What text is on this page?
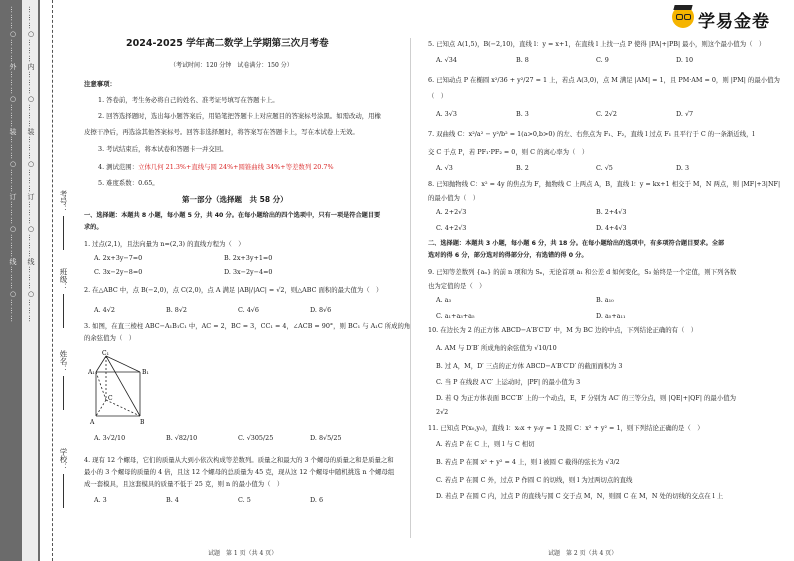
………○………外………○………装………○………订………○………线………○……… ………○………内………○………装………○………订………○………线………○………
学校：
姓名：
班级：
考号：
学易金卷
2024-2025 学年高二数学上学期第三次月考卷
（考试时间：120 分钟　试卷满分：150 分）
注意事项：
1. 答卷前，考生务必将自己的姓名、准考证号填写在答题卡上。
2. 回答选择题时，选出每小题答案后，用铅笔把答题卡上对应题目的答案标号涂黑。如需改动，用橡
皮擦干净后，再选涂其他答案标号。回答非选择题时，将答案写在答题卡上，写在本试卷上无效。
3. 考试结束后，将本试卷和答题卡一并交回。
4. 测试范围：立体几何 21.3%+直线与圆 24%+圆锥曲线 34%+等差数列 20.7%
5. 难度系数：0.65。
第一部分（选择题　共 58 分）
一、选择题：本题共 8 小题，每小题 5 分，共 40 分。在每小题给出的四个选项中，只有一项是符合题目要
求的。
1. 过点(2,1)，且法向量为 n=(2,3) 的直线方程为（　）
A. 2x+3y−7=0	B. 2x+3y+1=0
C. 3x−2y−8=0	D. 3x−2y−4=0
2. 在△ABC 中，点 B(−2,0)，点 C(2,0)，点 A 满足 |AB|/|AC| = √2，则△ABC 面积的最大值为（　）
A. 4√2	B. 8√2	C. 4√6	D. 8√6
3. 如图，在直三棱柱 ABC−A₁B₁C₁ 中，AC = 2，BC = 3，CC₁ = 4，∠ACB = 90°，则 BC₁ 与 A₁C 所成的角
的余弦值为（　）
A. 3√2/10	B. √82/10	C. √305/25	D. 8√5/25
4. 现有 12 个螺母，它们的质量从大到小依次构成等差数列。质量之和最大的 3 个螺母的质量之和是质量之和
最小的 3 个螺母的质量的 4 倍，且这 12 个螺母的总质量为 45 克，现从这 12 个螺母中随机挑选 n 个螺母组
成一套模具，且这套模具的质量不低于 25 克，则 n 的最小值为（　）
A. 3	B. 4	C. 5	D. 6
试题　第 1 页（共 4 页）
C₁
A₁	B₁
C
A	B
5. 已知点 A(1,5)，B(−2,10)，直线 l：y = x+1，在直线 l 上找一点 P 使得 |PA|+|PB| 最小，则这个最小值为（　）
A. √34	B. 8	C. 9	D. 10
6. 已知动点 P 在椭圆 x²/36 + y²/27 = 1 上，若点 A(3,0)，点 M 满足 |AM| = 1，且 PM·AM = 0，则 |PM| 的最小值为
（　）
A. 3√3	B. 3	C. 2√2	D. √7
7. 双曲线 C：x²/a² − y²/b² = 1(a>0,b>0) 的左、右焦点为 F₁、F₂，直线 l 过点 F₁ 且平行于 C 的一条渐近线，l
交 C 于点 P，若 PF₁·PF₂ = 0，则 C 的离心率为（　）
A. √3	B. 2	C. √5	D. 3
8. 已知抛物线 C：x² = 4y 的焦点为 F，抛物线 C 上两点 A，B，直线 l：y = kx+1 相交于 M，N 两点，则 |MF|+3|NF|
的最小值为（　）
A. 2+2√3	B. 2+4√3
C. 4+2√3	D. 4+4√3
二、选择题：本题共 3 小题，每小题 6 分，共 18 分。在每小题给出的选项中，有多项符合题目要求。全部
选对的得 6 分，部分选对的得部分分，有选错的得 0 分。
9. 已知等差数列 {aₙ} 的前 n 项和为 Sₙ，无论首项 a₁ 和公差 d 如何变化，S₃ 始终是一个定值，则下列各数
也为定值的是（　）
A. a₃	B. a₁₀
C. a₁+a₃+a₅	D. a₅+a₁₁
10. 在边长为 2 的正方体 ABCD−A′B′C′D′ 中，M 为 BC 边的中点，下列结论正确的有（　）
A. AM 与 D′B′ 所成角的余弦值为 √10/10
B. 过 A，M，D′ 三点的正方体 ABCD−A′B′C′D′ 的截面面积为 3
C. 当 P 在线段 A′C′ 上运动时，|PF| 的最小值为 3
D. 若 Q 为正方体表面 BCC′B′ 上的一个动点，E，F 分别为 AC′ 的三等分点，则 |QE|+|QF| 的最小值为
2√2
11. 已知点 P(x₀,y₀)，直线 l：x₀x + y₀y = 1 及圆 C：x² + y² = 1，则下列结论正确的是（　）
A. 若点 P 在 C 上，则 l 与 C 相切
B. 若点 P 在圆 x² + y² = 4 上，则 l 被圆 C 截得的弦长为 √3/2
C. 若点 P 在圆 C 外，过点 P 作圆 C 的切线，则 l 为过两切点的直线
D. 若点 P 在圆 C 内，过点 P 的直线与圆 C 交于点 M，N，则圆 C 在 M，N 处的切线的交点在 l 上
试题　第 2 页（共 4 页）
